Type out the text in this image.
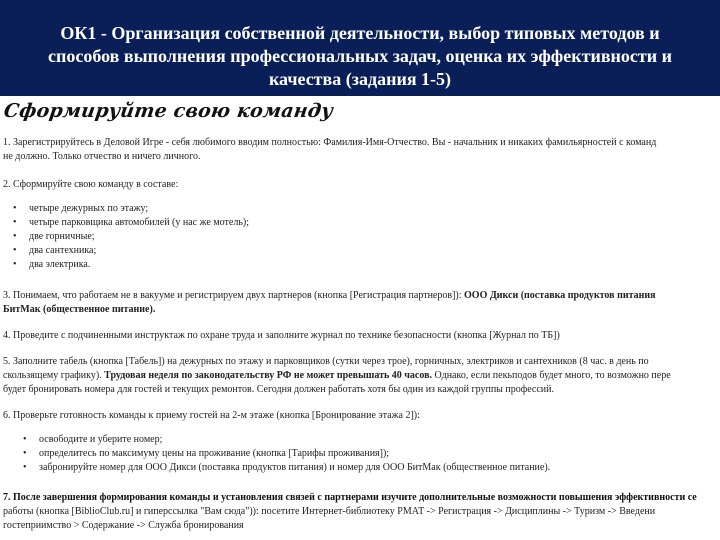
ОК1 - Организация собственной деятельности, выбор типовых методов и способов выполнения профессиональных задач, оценка их эффективности и качества (задания 1-5)
Сформируйте свою команду

1. Зарегистрируйтесь в Деловой Игре - себя любимого вводим полностью: Фамилия-Имя-Отчество. Вы - начальник и никаких фамильярностей с команд
не должно. Только отчество и ничего личного.

2. Сформируйте свою команду в составе:

• четыре дежурных по этажу;
• четыре парковщика автомобилей (у нас же мотель);
• две горничные;
• два сантехника;
• два электрика.

3. Понимаем, что работаем не в вакууме и регистрируем двух партнеров (кнопка [Регистрация партнеров]): ООО Дикси (поставка продуктов питания
БитМак (общественное питание).

4. Проведите с подчиненными инструктаж по охране труда и заполните журнал по технике безопасности (кнопка [Журнал по ТБ])

5. Заполните табель (кнопка [Табель]) на дежурных по этажу и парковщиков (сутки через трое), горничных, электриков и сантехников (8 час. в день по
скользящему графику). Трудовая неделя по законодательству РФ не может превышать 40 часов. Однако, если пекьподов будет много, то возможно пере
будет бронировать номера для гостей и текущих ремонтов. Сегодня должен работать хотя бы один из каждой группы профессий.

6. Проверьте готовность команды к приему гостей на 2-м этаже (кнопка [Бронирование этажа 2]):

• освободите и уберите номер;
• определитесь по максимуму цены на проживание (кнопка [Тарифы проживания]);
• забронируйте номер для ООО Дикси (поставка продуктов питания) и номер для ООО БитМак (общественное питание).

7. После завершения формирования команды и установления связей с партнерами изучите дополнительные возможности повышения эффективности се

работы (кнопка [BiblioClub.ru] и гиперссылка "Вам сюда")): посетите Интернет-библиотеку РМАТ -> Регистрация -> Дисциплины -> Туризм -> Введени

гостеприимство > Содержание -> Служба бронирования
